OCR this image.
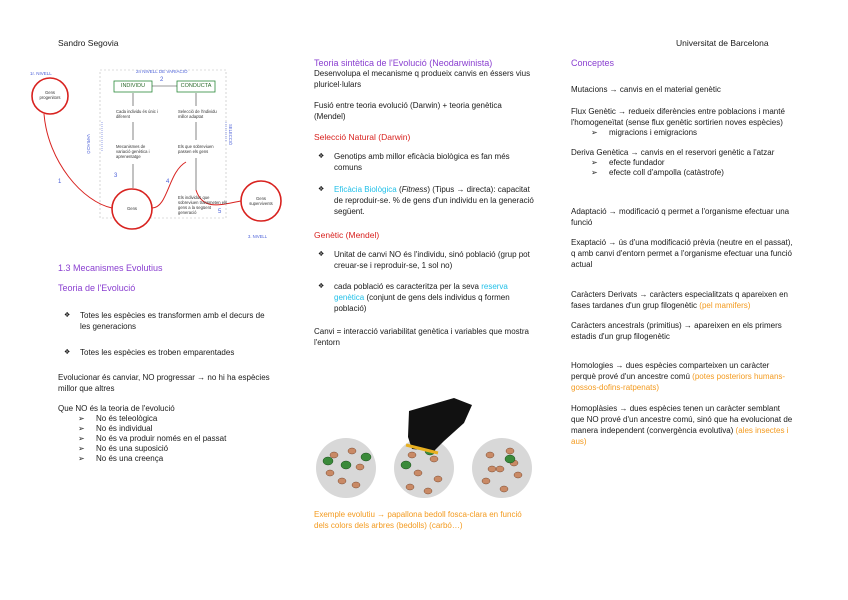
Sandro Segovia	Universitat de Barcelona
1r. NIVELL	2n NIVELL DE VARIACIÓ
INDIVIDU	CONDUCTA
Gens
progenitors
Gens
Gens
supervivents
Cada individu és únic i diferent
Mecanismes de variació genètica i aprenentatge
Selecció de l'individu millor adaptat
Els que sobreviuen passen els gens
Els individus que sobreviuen transmeten els gens a la següent generació
VARIACIÓ	SELECCIÓ
3. NIVELL
1
2
3
4
5
1.3 Mecanismes Evolutius
Teoria de l'Evolució

❖ Totes les espècies es transformen amb el decurs de les generacions

❖ Totes les espècies es troben emparentades

Evolucionar és canviar, NO progressar → no hi ha espècies millor que altres

Que NO és la teoria de l'evolució

➢ No és teleològica

➢ No és individual

➢ No és va produir només en el passat

➢ No és una suposició

➢ No és una creença

Teoria sintètica de l'Evolució (Neodarwinista)

Desenvolupa el mecanisme q produeix canvis en éssers vius pluricel·lulars

Fusió entre teoria evolució (Darwin) + teoria genètica (Mendel)

Selecció Natural (Darwin)

❖ Genotips amb millor eficàcia biològica es fan més comuns

❖ Eficàcia Biològica (Fitness) (Tipus → directa): capacitat de reproduir-se. % de gens d'un individu en la generació següent.

Genètic (Mendel)

❖ Unitat de canvi NO és l'individu, sinó població (grup pot creuar-se i reproduir-se, 1 sol no)

❖ cada població es caracteritza per la seva reserva genètica (conjunt de gens dels individus q formen població)

Canvi = interacció variabilitat genètica i variables que mostra l'entorn

Exemple evolutiu → papallona bedoll fosca-clara en funció dels colors dels arbres (bedolls) (carbó…)

Conceptes

Mutacions → canvis en el material genètic

Flux Genètic → redueix diferències entre poblacions i manté l'homogeneïtat (sense flux genètic sortirien noves espècies)

➢ migracions i emigracions

Deriva Genètica → canvis en el reservori genètic a l'atzar

➢ efecte fundador

➢ efecte coll d'ampolla (catàstrofe)

Adaptació → modificació q permet a l'organisme efectuar una funció

Exaptació → ús d'una modificació prèvia (neutre en el passat), q amb canvi d'entorn permet a l'organisme efectuar una funció actual

Caràcters Derivats → caràcters especialitzats q apareixen en fases tardanes d'un grup filogenètic (pel mamifers)

Caràcters ancestrals (primitius) → apareixen en els primers estadis d'un grup filogenètic

Homologies → dues espècies comparteixen un caràcter perquè prové d'un ancestre comú (potes posteriors humans-gossos-dofins-ratpenats)

Homoplàsies → dues espècies tenen un caràcter semblant que NO prové d'un ancestre comú, sinó que ha evolucionat de manera independent (convergència evolutiva) (ales insectes i aus)
